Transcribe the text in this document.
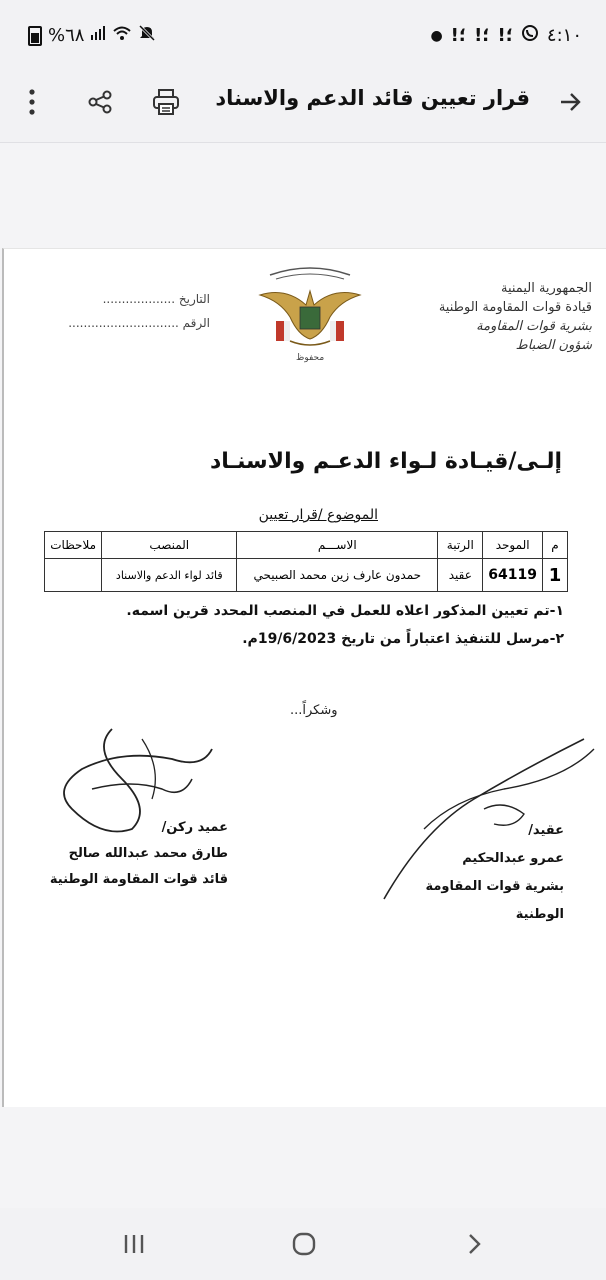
%٦٨	● !؛ !؛ !؛ ٤:١٠
قرار تعيين قائد الدعم والاسناد
الجمهورية اليمنية
قيادة قوات المقاومة الوطنية
بشرية قوات المقاومة
شؤون الضباط
محفوظ
التاريخ ...................
الرقم .............................
إلـى/قيـادة لـواء الدعـم والاسنـاد
الموضوع /قرار تعيين
م	الموحد	الرتبة	الاســـم	المنصب	ملاحظات
1	64119	عقيد	حمدون عارف زين محمد الصبيحي	قائد لواء الدعم والاسناد	
١-تم تعيين المذكور اعلاه للعمل في المنصب المحدد قرين اسمه.
٢-مرسل للتنفيذ اعتباراً من تاريخ 19/6/2023م.
وشكراً...
عميد ركن/
طارق محمد عبدالله صالح
قائد قوات المقاومة الوطنية
عقيد/
عمرو عبدالحكيم
بشرية قوات المقاومة الوطنية
